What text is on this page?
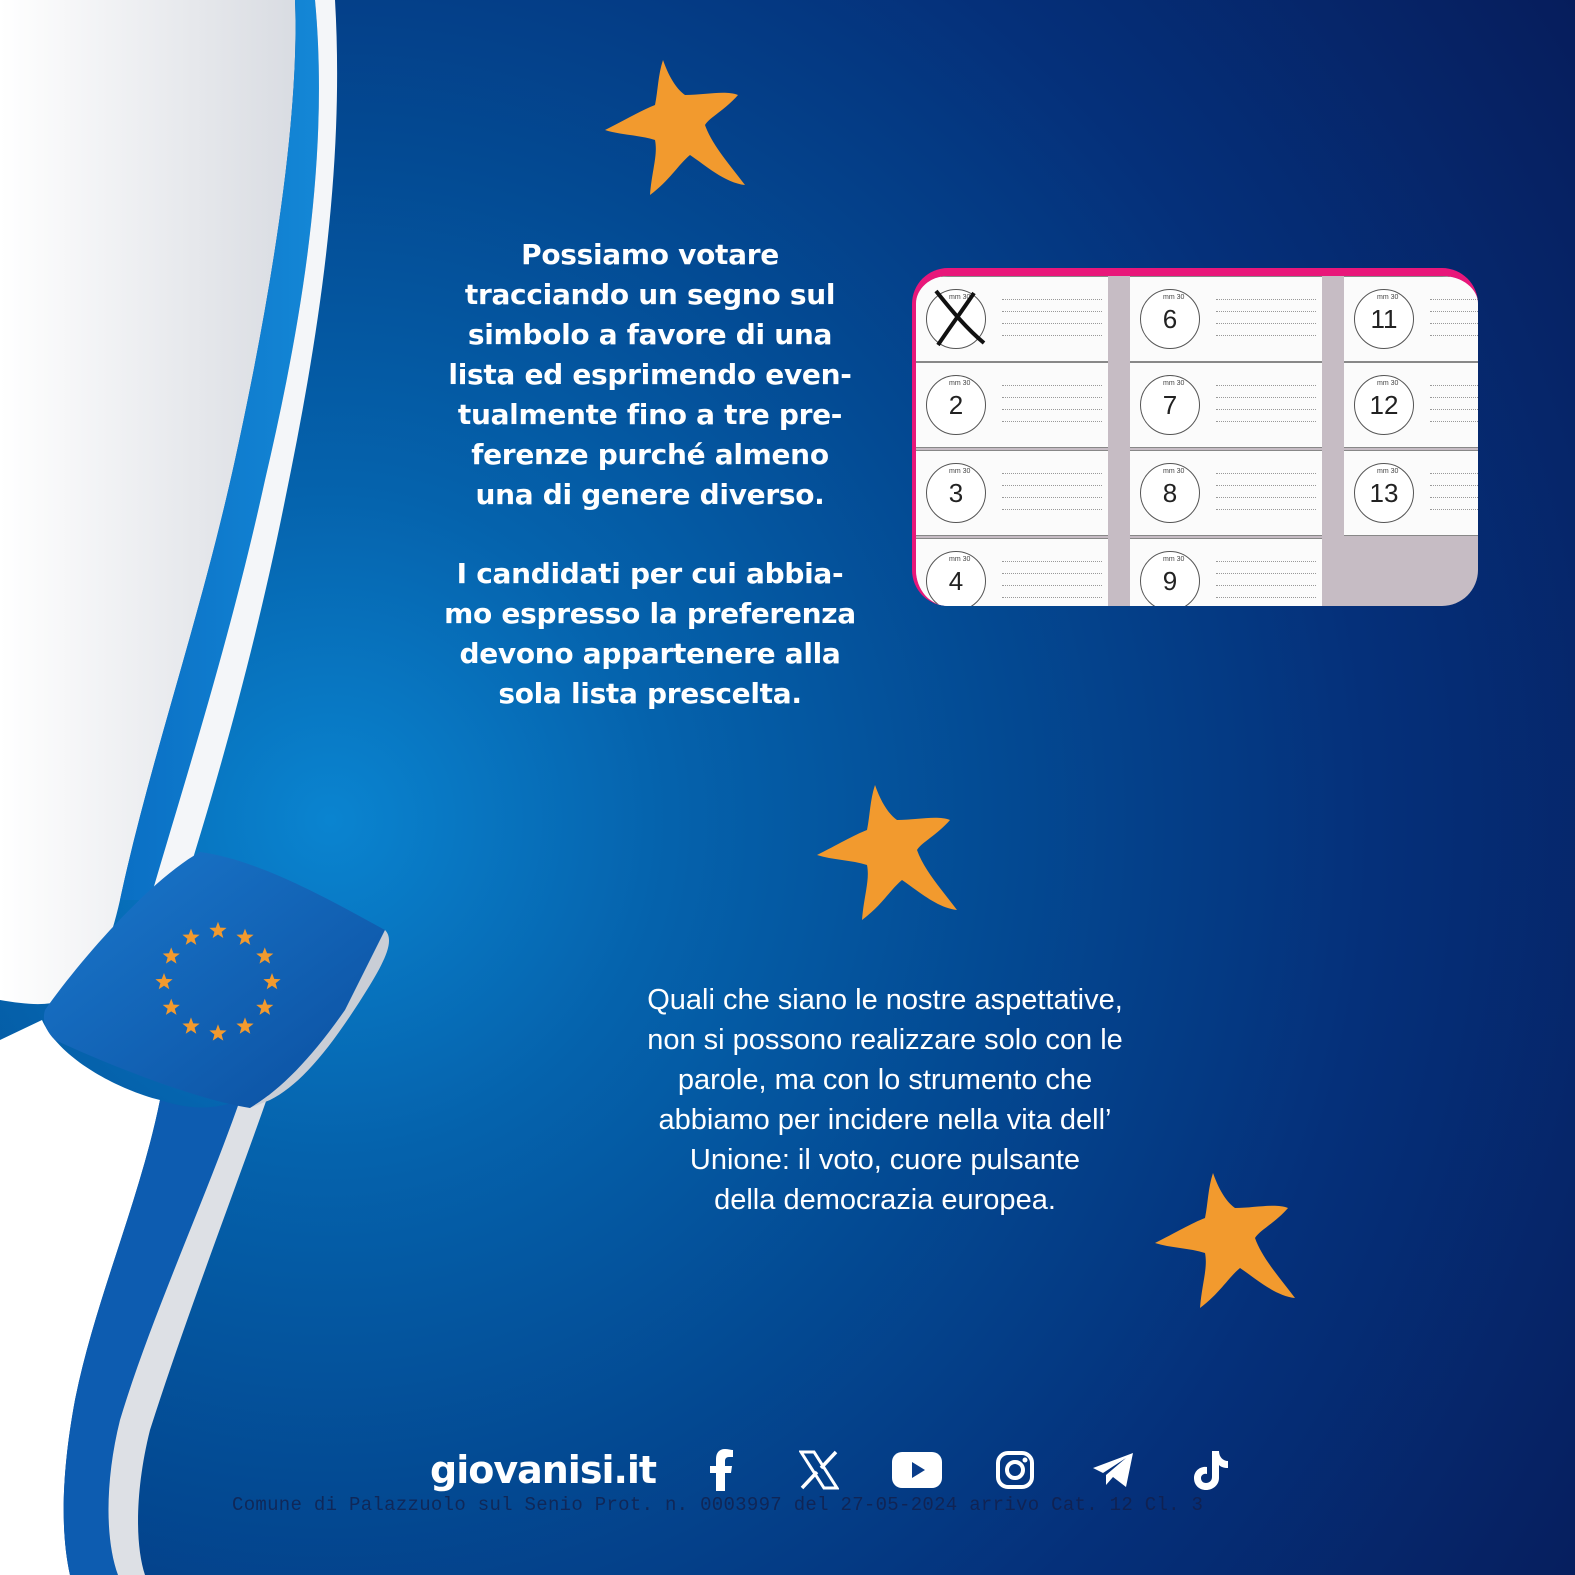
Possiamo votare
tracciando un segno sul
simbolo a favore di una
lista ed esprimendo even-
tualmente fino a tre pre-
ferenze purché almeno
una di genere diverso.
I candidati per cui abbia-
mo espresso la preferenza
devono appartenere alla
sola lista prescelta.
Quali che siano le nostre aspettative,
non si possono realizzare solo con le
parole, ma con lo strumento che
abbiamo per incidere nella vita dell’
Unione: il voto, cuore pulsante
della democrazia europea.
mm 30
mm 30
2
mm 30
3
mm 30
4
mm 30
6
mm 30
7
mm 30
8
mm 30
9
mm 30
11
mm 30
12
mm 30
13
giovanisi.it
Comune di Palazzuolo sul Senio Prot. n. 0003997 del 27-05-2024 arrivo Cat. 12 Cl. 3
